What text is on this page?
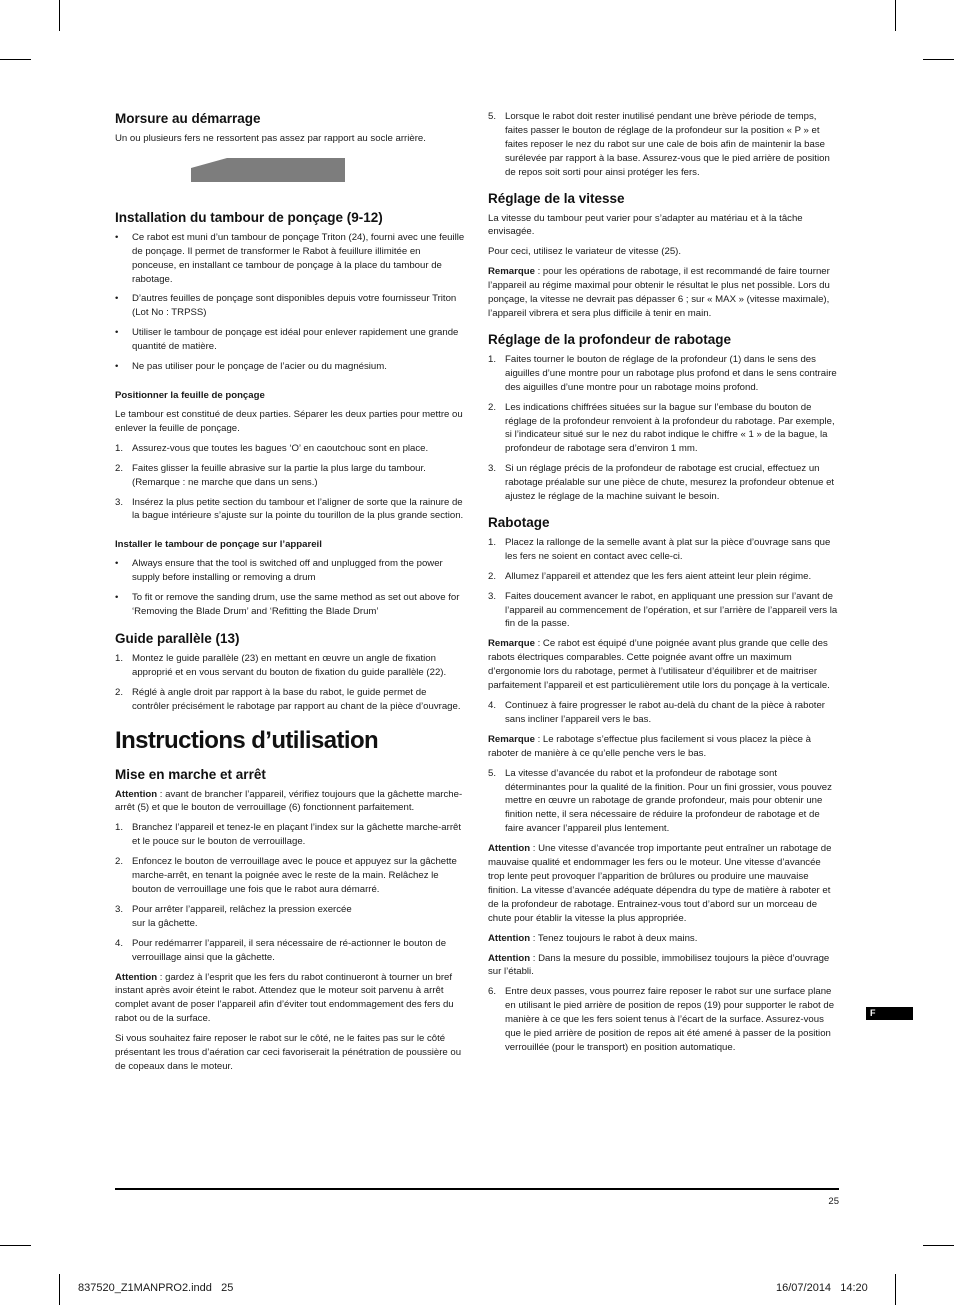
Morsure au démarrage

Un ou plusieurs fers ne ressortent pas assez par rapport au socle arrière.

Installation du tambour de ponçage (9-12)
• Ce rabot est muni d’un tambour de ponçage Triton (24), fourni avec une feuille de ponçage. Il permet de transformer le Rabot à feuillure illimitée en ponceuse, en installant ce tambour de ponçage à la place du tambour de rabotage.
• D’autres feuilles de ponçage sont disponibles depuis votre fournisseur Triton (Lot No : TRPSS)
• Utiliser le tambour de ponçage est idéal pour enlever rapidement une grande quantité de matière.
• Ne pas utiliser pour le ponçage de l’acier ou du magnésium.
Positionner la feuille de ponçage

Le tambour est constitué de deux parties. Séparer les deux parties pour mettre ou enlever la feuille de ponçage.

1. Assurez-vous que toutes les bagues ‘O’ en caoutchouc sont en place.
2. Faites glisser la feuille abrasive sur la partie la plus large du tambour. (Remarque : ne marche que dans un sens.)
3. Insérez la plus petite section du tambour et l’aligner de sorte que la rainure de la bague intérieure s’ajuste sur la pointe du tourillon de la plus grande section.
Installer le tambour de ponçage sur l’appareil
• Always ensure that the tool is switched off and unplugged from the power supply before installing or removing a drum
• To fit or remove the sanding drum, use the same method as set out above for ‘Removing the Blade Drum’ and ‘Refitting the Blade Drum’
Guide parallèle (13)
1. Montez le guide parallèle (23) en mettant en œuvre un angle de fixation approprié et en vous servant du bouton de fixation du guide parallèle (22).
2. Réglé à angle droit par rapport à la base du rabot, le guide permet de contrôler précisément le rabotage par rapport au chant de la pièce d’ouvrage.
Instructions d’utilisation
Mise en marche et arrêt

Attention : avant de brancher l’appareil, vérifiez toujours que la gâchette marche-arrêt (5) et que le bouton de verrouillage (6) fonctionnent parfaitement.

1. Branchez l’appareil et tenez-le en plaçant l’index sur la gâchette marche-arrêt et le pouce sur le bouton de verrouillage.
2. Enfoncez le bouton de verrouillage avec le pouce et appuyez sur la gâchette marche-arrêt, en tenant la poignée avec le reste de la main. Relâchez le bouton de verrouillage une fois que le rabot aura démarré.
3. Pour arrêter l’appareil, relâchez la pression exercée sur la gâchette.
4. Pour redémarrer l’appareil, il sera nécessaire de ré-actionner le bouton de verrouillage ainsi que la gâchette.

Attention : gardez à l’esprit que les fers du rabot continueront à tourner un bref instant après avoir éteint le rabot. Attendez que le moteur soit parvenu à arrêt complet avant de poser l’appareil afin d’éviter tout endommagement des fers du rabot ou de la surface.

Si vous souhaitez faire reposer le rabot sur le côté, ne le faites pas sur le côté présentant les trous d’aération car ceci favoriserait la pénétration de poussière ou de copeaux dans le moteur.

5. Lorsque le rabot doit rester inutilisé pendant une brève période de temps, faites passer le bouton de réglage de la profondeur sur la position « P » et faites reposer le nez du rabot sur une cale de bois afin de maintenir la base surélevée par rapport à la base. Assurez-vous que le pied arrière de position de repos soit sorti pour ainsi protéger les fers.
Réglage de la vitesse

La vitesse du tambour peut varier pour s’adapter au matériau et à la tâche envisagée.

Pour ceci, utilisez le variateur de vitesse (25).

Remarque : pour les opérations de rabotage, il est recommandé de faire tourner l’appareil au régime maximal pour obtenir le résultat le plus net possible. Lors du ponçage, la vitesse ne devrait pas dépasser 6 ; sur « MAX » (vitesse maximale), l’appareil vibrera et sera plus difficile à tenir en main.

Réglage de la profondeur de rabotage
1. Faites tourner le bouton de réglage de la profondeur (1) dans le sens des aiguilles d’une montre pour un rabotage plus profond et dans le sens contraire des aiguilles d’une montre pour un rabotage moins profond.
2. Les indications chiffrées situées sur la bague sur l’embase du bouton de réglage de la profondeur renvoient à la profondeur du rabotage. Par exemple, si l’indicateur situé sur le nez du rabot indique le chiffre « 1 » de la bague, la profondeur de rabotage sera d’environ 1 mm.
3. Si un réglage précis de la profondeur de rabotage est crucial, effectuez un rabotage préalable sur une pièce de chute, mesurez la profondeur obtenue et ajustez le réglage de la machine suivant le besoin.
Rabotage
1. Placez la rallonge de la semelle avant à plat sur la pièce d’ouvrage sans que les fers ne soient en contact avec celle-ci.
2. Allumez l’appareil et attendez que les fers aient atteint leur plein régime.
3. Faites doucement avancer le rabot, en appliquant une pression sur l’avant de l’appareil au commencement de l’opération, et sur l’arrière de l’appareil vers la fin de la passe.

Remarque : Ce rabot est équipé d’une poignée avant plus grande que celle des rabots électriques comparables. Cette poignée avant offre un maximum d’ergonomie lors du rabotage, permet à l’utilisateur d’équilibrer et de maitriser parfaitement l’appareil et est particulièrement utile lors du ponçage à la verticale.

4. Continuez à faire progresser le rabot au-delà du chant de la pièce à raboter sans incliner l’appareil vers le bas.

Remarque : Le rabotage s’effectue plus facilement si vous placez la pièce à raboter de manière à ce qu’elle penche vers le bas.

5. La vitesse d’avancée du rabot et la profondeur de rabotage sont déterminantes pour la qualité de la finition. Pour un fini grossier, vous pouvez mettre en œuvre un rabotage de grande profondeur, mais pour obtenir une finition nette, il sera nécessaire de réduire la profondeur de rabotage et de faire avancer l’appareil plus lentement.

Attention : Une vitesse d’avancée trop importante peut entraîner un rabotage de mauvaise qualité et endommager les fers ou le moteur. Une vitesse d’avancée trop lente peut provoquer l’apparition de brûlures ou produire une mauvaise finition. La vitesse d’avancée adéquate dépendra du type de matière à raboter et de la profondeur de rabotage. Entrainez-vous tout d’abord sur un morceau de chute pour établir la vitesse la plus appropriée.

Attention : Tenez toujours le rabot à deux mains.

Attention : Dans la mesure du possible, immobilisez toujours la pièce d’ouvrage sur l’établi.

6. Entre deux passes, vous pourrez faire reposer le rabot sur une surface plane en utilisant le pied arrière de position de repos (19) pour supporter le rabot de manière à ce que les fers soient tenus à l’écart de la surface. Assurez-vous que le pied arrière de position de repos ait été amené à passer de la position verrouillée (pour le transport) en position automatique.
F
25
837520_Z1MANPRO2.indd   25	16/07/2014   14:20
